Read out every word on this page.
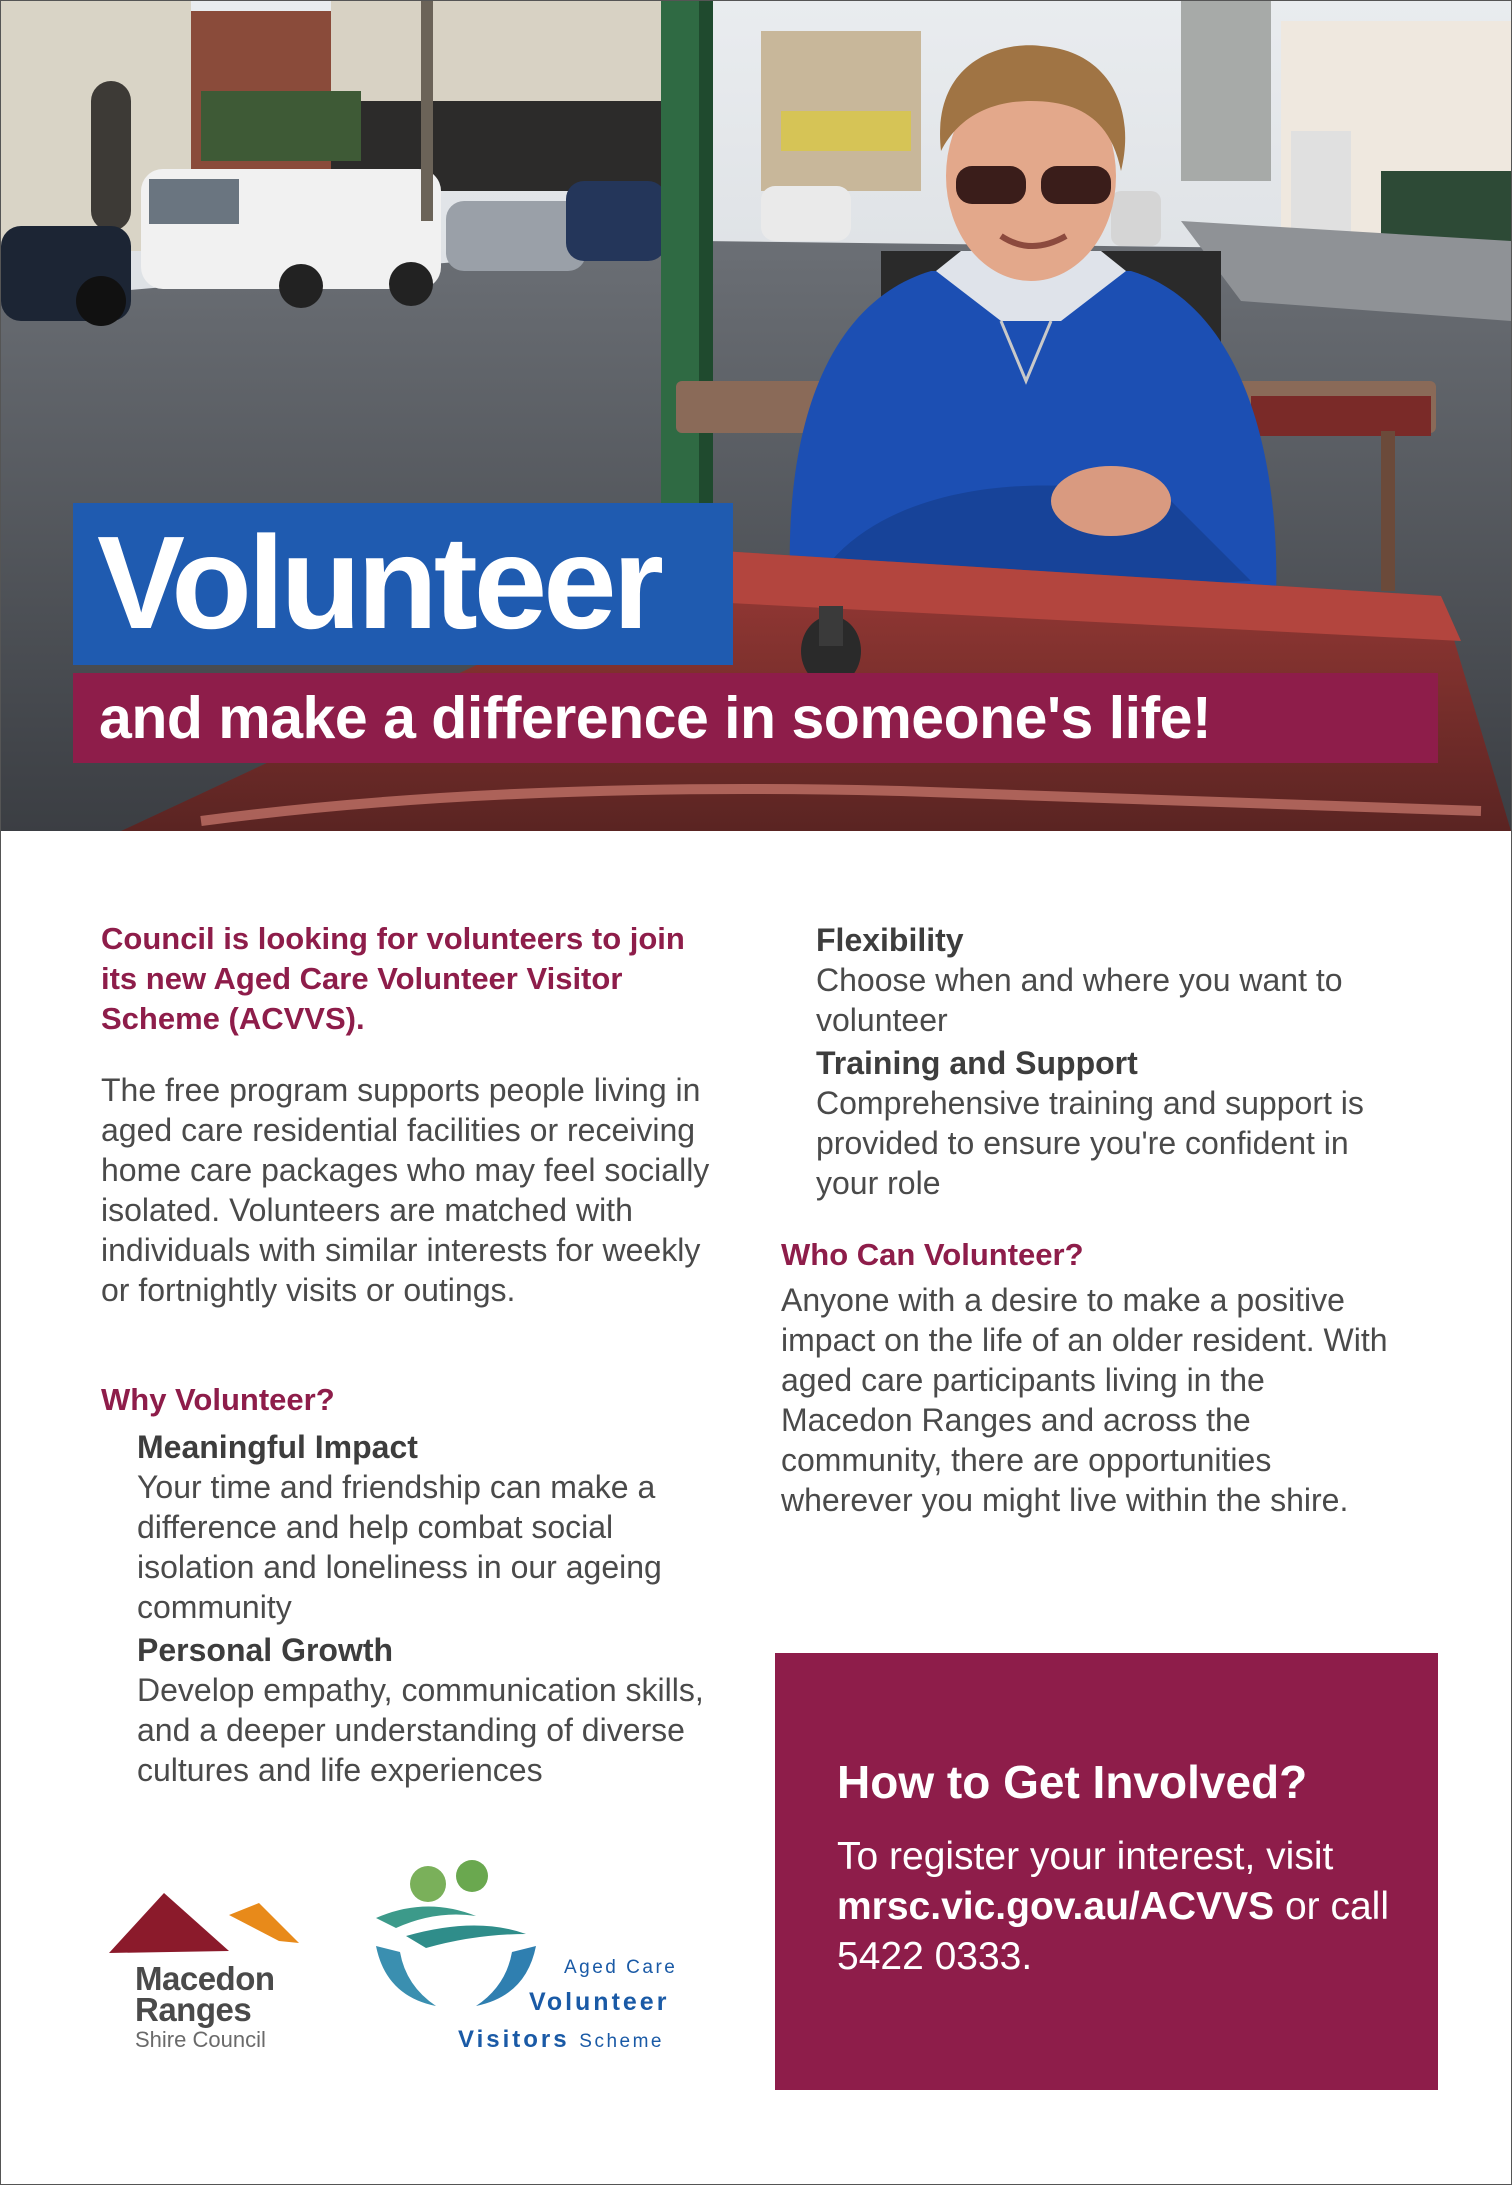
Volunteer
and make a difference in someone's life!
Council is looking for volunteers to join its new Aged Care Volunteer Visitor Scheme (ACVVS).
The free program supports people living in aged care residential facilities or receiving home care packages who may feel socially isolated. Volunteers are matched with individuals with similar interests for weekly or fortnightly visits or outings.
Why Volunteer?
Meaningful Impact
Your time and friendship can make a difference and help combat social isolation and loneliness in our ageing community
Personal Growth
Develop empathy, communication skills, and a deeper understanding of diverse cultures and life experiences
Flexibility
Choose when and where you want to volunteer
Training and Support
Comprehensive training and support is provided to ensure you're confident in your role
Who Can Volunteer?
Anyone with a desire to make a positive impact on the life of an older resident. With aged care participants living in the Macedon Ranges and across the community, there are opportunities wherever you might live within the shire.
How to Get Involved?
To register your interest, visit mrsc.vic.gov.au/ACVVS or call 5422 0333.
Macedon
Ranges
Shire Council
Aged Care
Volunteer
Visitors Scheme
